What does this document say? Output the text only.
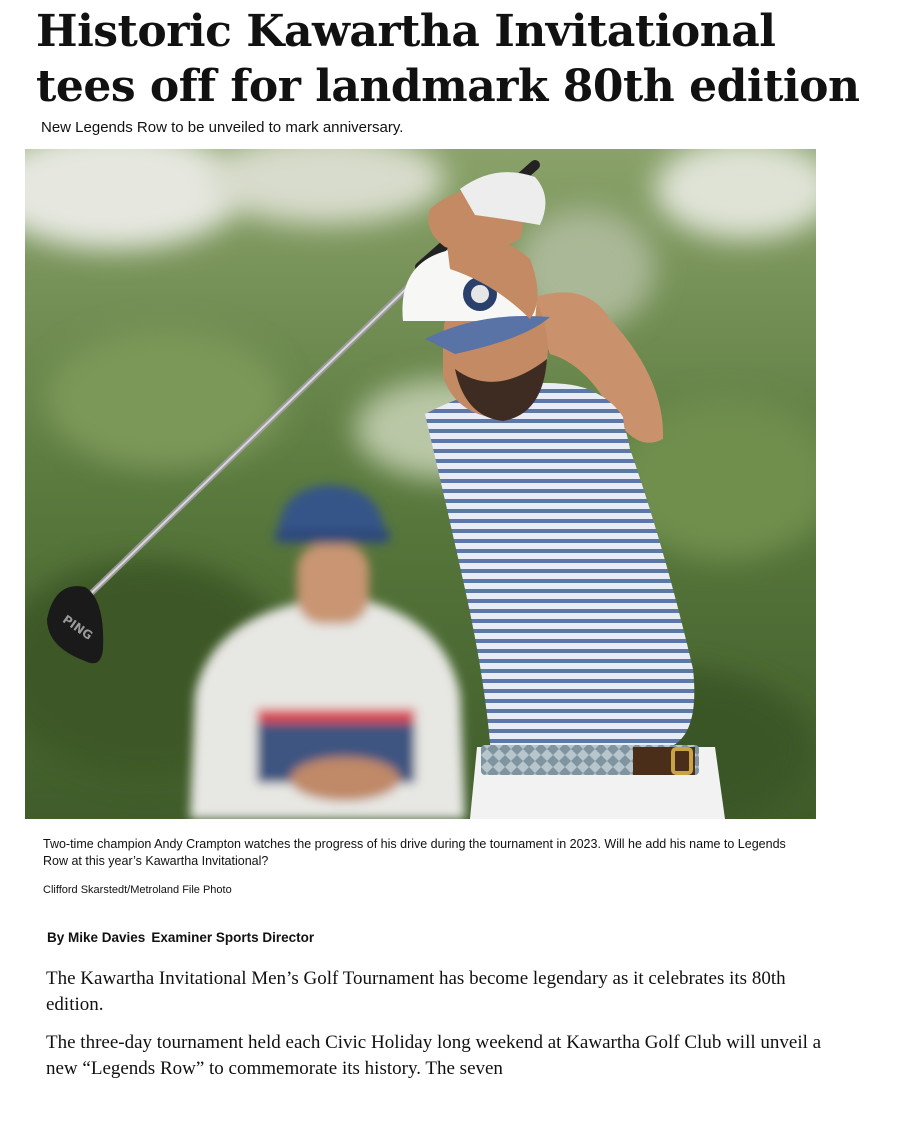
Historic Kawartha Invitational tees off for landmark 80th edition

New Legends Row to be unveiled to mark anniversary.

PING

Two-time champion Andy Crampton watches the progress of his drive during the tournament in 2023. Will he add his name to Legends Row at this year’s Kawartha Invitational?

Clifford Skarstedt/Metroland File Photo

By Mike Davies Examiner Sports Director

The Kawartha Invitational Men’s Golf Tournament has become legendary as it celebrates its 80th edition.

The three-day tournament held each Civic Holiday long weekend at Kawartha Golf Club will unveil a new “Legends Row” to commemorate its history. The seven
